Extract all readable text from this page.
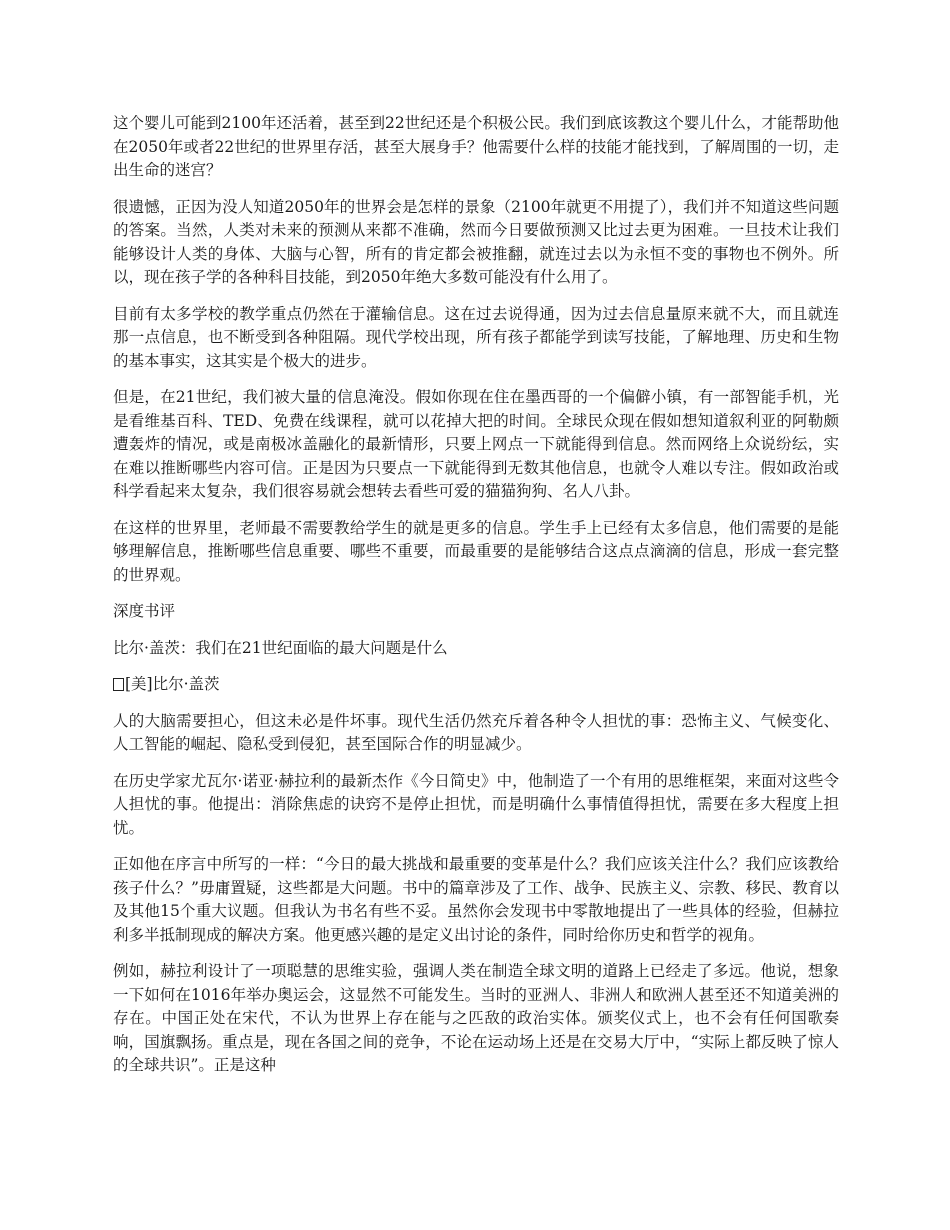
这个婴儿可能到2100年还活着，甚至到22世纪还是个积极公民。我们到底该教这个婴儿什么，才能帮助他在2050年或者22世纪的世界里存活，甚至大展身手？他需要什么样的技能才能找到，了解周围的一切，走出生命的迷宫？

很遗憾，正因为没人知道2050年的世界会是怎样的景象（2100年就更不用提了），我们并不知道这些问题的答案。当然，人类对未来的预测从来都不准确，然而今日要做预测又比过去更为困难。一旦技术让我们能够设计人类的身体、大脑与心智，所有的肯定都会被推翻，就连过去以为永恒不变的事物也不例外。所以，现在孩子学的各种科目技能，到2050年绝大多数可能没有什么用了。

目前有太多学校的教学重点仍然在于灌输信息。这在过去说得通，因为过去信息量原来就不大，而且就连那一点信息，也不断受到各种阻隔。现代学校出现，所有孩子都能学到读写技能，了解地理、历史和生物的基本事实，这其实是个极大的进步。

但是，在21世纪，我们被大量的信息淹没。假如你现在住在墨西哥的一个偏僻小镇，有一部智能手机，光是看维基百科、TED、免费在线课程，就可以花掉大把的时间。全球民众现在假如想知道叙利亚的阿勒颇遭轰炸的情况，或是南极冰盖融化的最新情形，只要上网点一下就能得到信息。然而网络上众说纷纭，实在难以推断哪些内容可信。正是因为只要点一下就能得到无数其他信息，也就令人难以专注。假如政治或科学看起来太复杂，我们很容易就会想转去看些可爱的猫猫狗狗、名人八卦。

在这样的世界里，老师最不需要教给学生的就是更多的信息。学生手上已经有太多信息，他们需要的是能够理解信息，推断哪些信息重要、哪些不重要，而最重要的是能够结合这点点滴滴的信息，形成一套完整的世界观。

深度书评

比尔·盖茨：我们在21世纪面临的最大问题是什么

[美]比尔·盖茨

人的大脑需要担心，但这未必是件坏事。现代生活仍然充斥着各种令人担忧的事：恐怖主义、气候变化、人工智能的崛起、隐私受到侵犯，甚至国际合作的明显减少。

在历史学家尤瓦尔·诺亚·赫拉利的最新杰作《今日简史》中，他制造了一个有用的思维框架，来面对这些令人担忧的事。他提出：消除焦虑的诀窍不是停止担忧，而是明确什么事情值得担忧，需要在多大程度上担忧。

正如他在序言中所写的一样：“今日的最大挑战和最重要的变革是什么？我们应该关注什么？我们应该教给孩子什么？”毋庸置疑，这些都是大问题。书中的篇章涉及了工作、战争、民族主义、宗教、移民、教育以及其他15个重大议题。但我认为书名有些不妥。虽然你会发现书中零散地提出了一些具体的经验，但赫拉利多半抵制现成的解决方案。他更感兴趣的是定义出讨论的条件，同时给你历史和哲学的视角。

例如，赫拉利设计了一项聪慧的思维实验，强调人类在制造全球文明的道路上已经走了多远。他说，想象一下如何在1016年举办奥运会，这显然不可能发生。当时的亚洲人、非洲人和欧洲人甚至还不知道美洲的存在。中国正处在宋代，不认为世界上存在能与之匹敌的政治实体。颁奖仪式上，也不会有任何国歌奏响，国旗飘扬。重点是，现在各国之间的竞争，不论在运动场上还是在交易大厅中，“实际上都反映了惊人的全球共识”。正是这种
